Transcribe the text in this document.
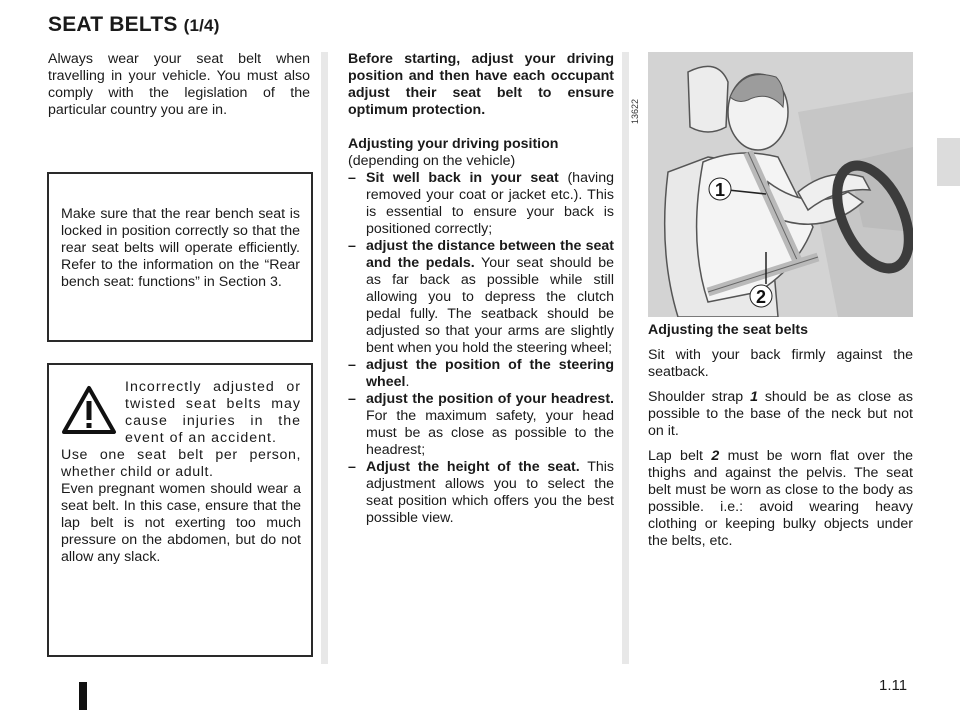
SEAT BELTS (1/4)

Always wear your seat belt when travelling in your vehicle. You must also comply with the legislation of the particular country you are in.

Make sure that the rear bench seat is locked in position correctly so that the rear seat belts will operate efficiently. Refer to the information on the “Rear bench seat: functions” in Section 3.

Incorrectly adjusted or twisted seat belts may cause injuries in the event of an accident.

Use one seat belt per person, whether child or adult.

Even pregnant women should wear a seat belt. In this case, ensure that the lap belt is not exerting too much pressure on the abdomen, but do not allow any slack.

Before starting, adjust your driving position and then have each occupant adjust their seat belt to ensure optimum protection.

Adjusting your driving position

(depending on the vehicle)

– Sit well back in your seat (having removed your coat or jacket etc.). This is essential to ensure your back is positioned correctly;
– adjust the distance between the seat and the pedals. Your seat should be as far back as possible while still allowing you to depress the clutch pedal fully. The seatback should be adjusted so that your arms are slightly bent when you hold the steering wheel;
– adjust the position of the steering wheel.
– adjust the position of your headrest. For the maximum safety, your head must be as close as possible to the headrest;
– Adjust the height of the seat. This adjustment allows you to select the seat position which offers you the best possible view.
13622
1
2

Adjusting the seat belts

Sit with your back firmly against the seatback.

Shoulder strap 1 should be as close as possible to the base of the neck but not on it.

Lap belt 2 must be worn flat over the thighs and against the pelvis. The seat belt must be worn as close to the body as possible. i.e.: avoid wearing heavy clothing or keeping bulky objects under the belts, etc.

1.11
